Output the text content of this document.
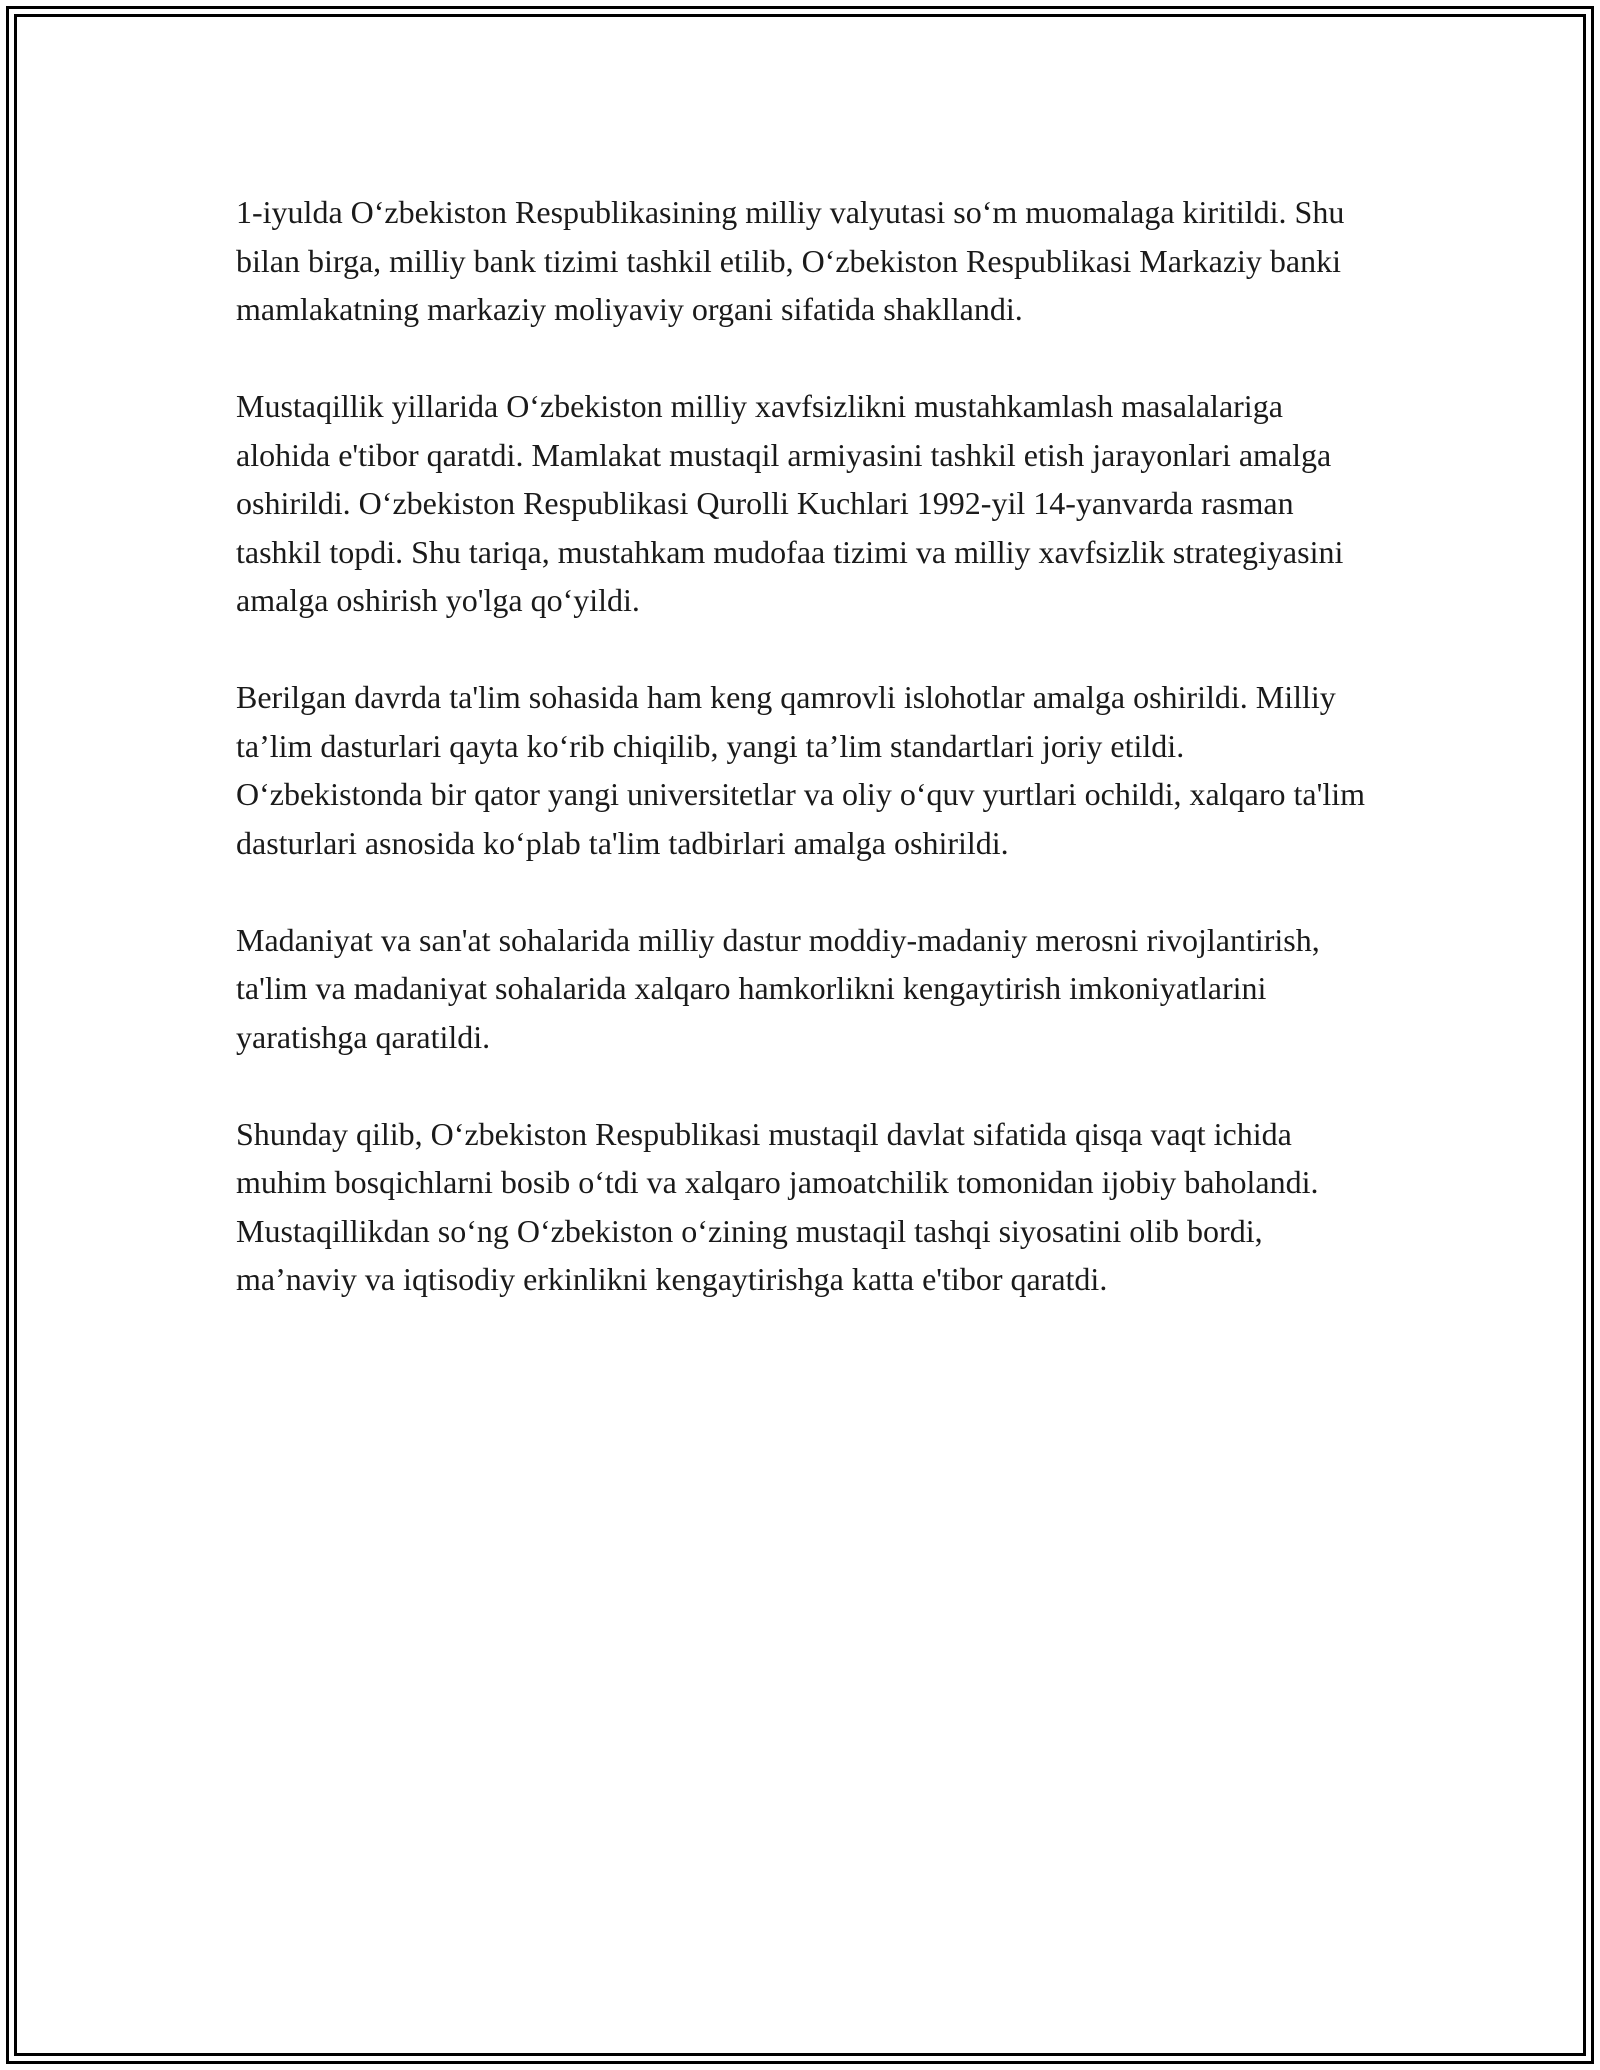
1-iyulda O‘zbekiston Respublikasining milliy valyutasi so‘m muomalaga kiritildi. Shu bilan birga, milliy bank tizimi tashkil etilib, O‘zbekiston Respublikasi Markaziy banki mamlakatning markaziy moliyaviy organi sifatida shakllandi.

Mustaqillik yillarida O‘zbekiston milliy xavfsizlikni mustahkamlash masalalariga alohida e'tibor qaratdi. Mamlakat mustaqil armiyasini tashkil etish jarayonlari amalga oshirildi. O‘zbekiston Respublikasi Qurolli Kuchlari 1992-yil 14-yanvarda rasman tashkil topdi. Shu tariqa, mustahkam mudofaa tizimi va milliy xavfsizlik strategiyasini amalga oshirish yo'lga qo‘yildi.

Berilgan davrda ta'lim sohasida ham keng qamrovli islohotlar amalga oshirildi. Milliy ta’lim dasturlari qayta ko‘rib chiqilib, yangi ta’lim standartlari joriy etildi. O‘zbekistonda bir qator yangi universitetlar va oliy o‘quv yurtlari ochildi, xalqaro ta'lim dasturlari asnosida ko‘plab ta'lim tadbirlari amalga oshirildi.

Madaniyat va san'at sohalarida milliy dastur moddiy-madaniy merosni rivojlantirish, ta'lim va madaniyat sohalarida xalqaro hamkorlikni kengaytirish imkoniyatlarini yaratishga qaratildi.

Shunday qilib, O‘zbekiston Respublikasi mustaqil davlat sifatida qisqa vaqt ichida muhim bosqichlarni bosib o‘tdi va xalqaro jamoatchilik tomonidan ijobiy baholandi. Mustaqillikdan so‘ng O‘zbekiston o‘zining mustaqil tashqi siyosatini olib bordi, ma’naviy va iqtisodiy erkinlikni kengaytirishga katta e'tibor qaratdi.
